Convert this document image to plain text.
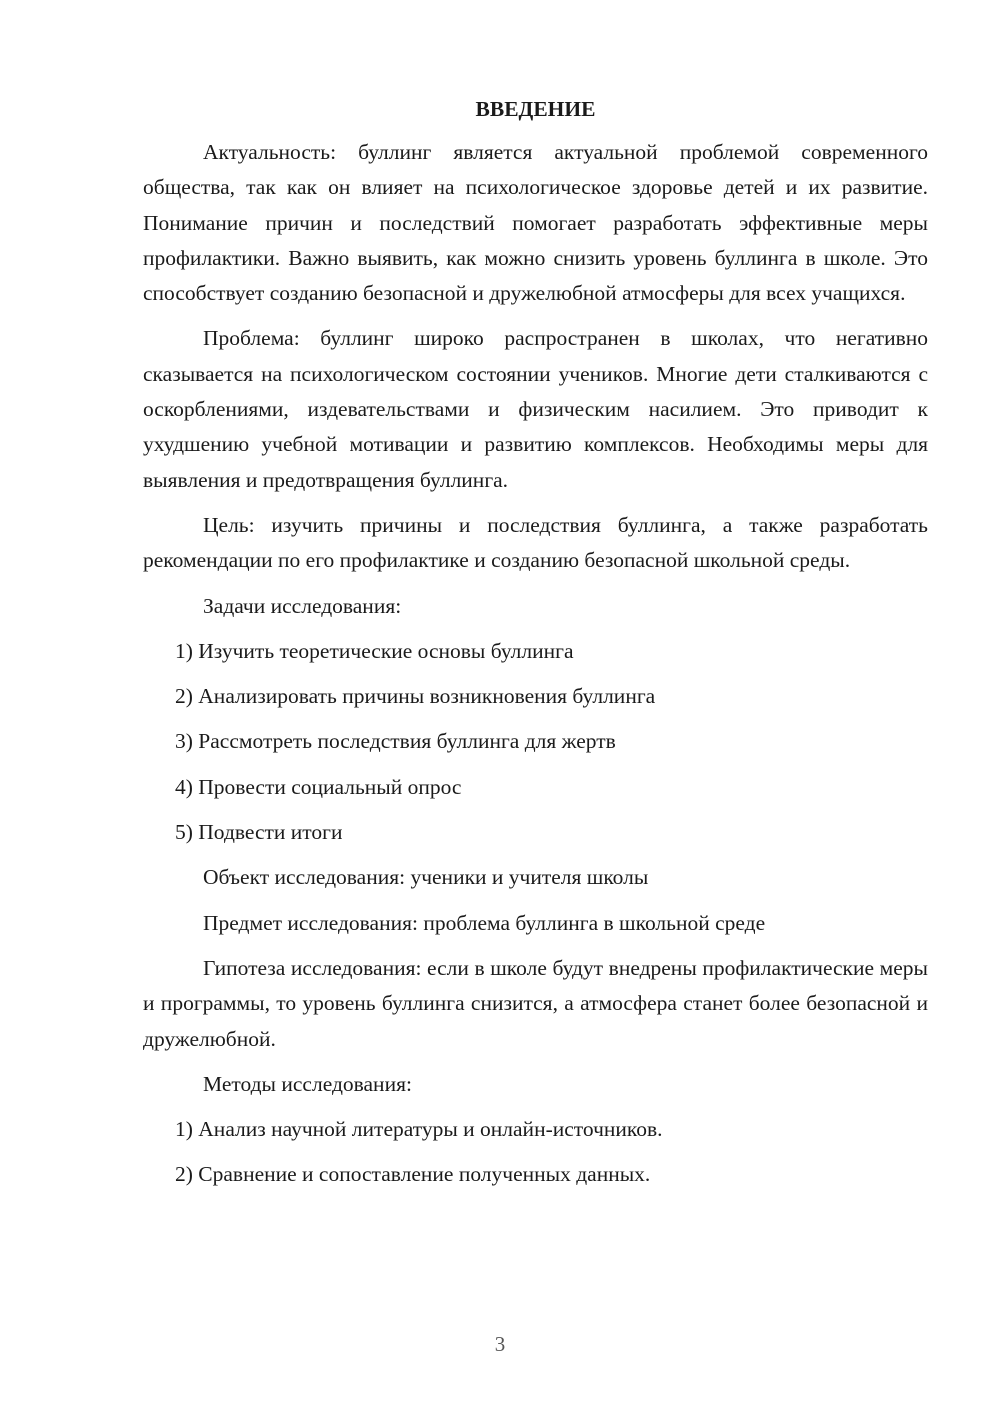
ВВЕДЕНИЕ

Актуальность: буллинг является актуальной проблемой современного общества, так как он влияет на психологическое здоровье детей и их развитие. Понимание причин и последствий помогает разработать эффективные меры профилактики. Важно выявить, как можно снизить уровень буллинга в школе. Это способствует созданию безопасной и дружелюбной атмосферы для всех учащихся.

Проблема: буллинг широко распространен в школах, что негативно сказывается на психологическом состоянии учеников. Многие дети сталкиваются с оскорблениями, издевательствами и физическим насилием. Это приводит к ухудшению учебной мотивации и развитию комплексов. Необходимы меры для выявления и предотвращения буллинга.

Цель: изучить причины и последствия буллинга, а также разработать рекомендации по его профилактике и созданию безопасной школьной среды.

Задачи исследования:

1) Изучить теоретические основы буллинга

2) Анализировать причины возникновения буллинга

3) Рассмотреть последствия буллинга для жертв

4) Провести социальный опрос

5) Подвести итоги

Объект исследования: ученики и учителя школы

Предмет исследования: проблема буллинга в школьной среде

Гипотеза исследования: если в школе будут внедрены профилактические меры и программы, то уровень буллинга снизится, а атмосфера станет более безопасной и дружелюбной.

Методы исследования:

1) Анализ научной литературы и онлайн-источников.

2) Сравнение и сопоставление полученных данных.

3
